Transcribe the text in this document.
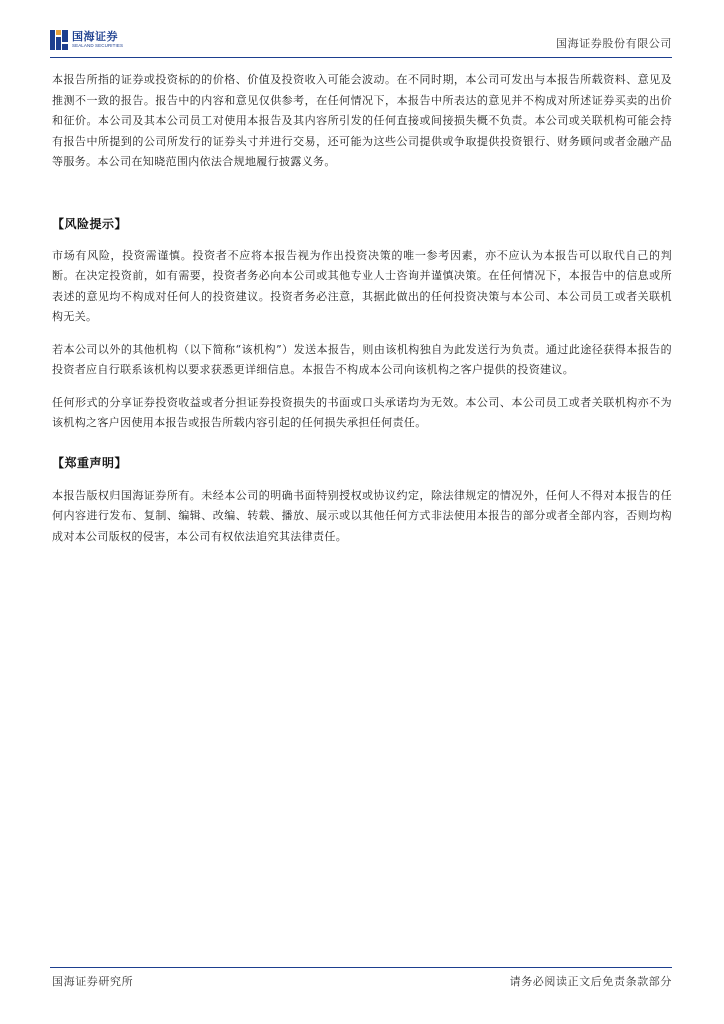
国海证券
SEALAND SECURITIES	国海证券股份有限公司

本报告所指的证券或投资标的的价格、价值及投资收入可能会波动。在不同时期，本公司可发出与本报告所载资料、意见及推测不一致的报告。报告中的内容和意见仅供参考，在任何情况下，本报告中所表达的意见并不构成对所述证券买卖的出价和征价。本公司及其本公司员工对使用本报告及其内容所引发的任何直接或间接损失概不负责。本公司或关联机构可能会持有报告中所提到的公司所发行的证券头寸并进行交易，还可能为这些公司提供或争取提供投资银行、财务顾问或者金融产品等服务。本公司在知晓范围内依法合规地履行披露义务。

【风险提示】

市场有风险，投资需谨慎。投资者不应将本报告视为作出投资决策的唯一参考因素，亦不应认为本报告可以取代自己的判断。在决定投资前，如有需要，投资者务必向本公司或其他专业人士咨询并谨慎决策。在任何情况下，本报告中的信息或所表述的意见均不构成对任何人的投资建议。投资者务必注意，其据此做出的任何投资决策与本公司、本公司员工或者关联机构无关。

若本公司以外的其他机构（以下简称“该机构”）发送本报告，则由该机构独自为此发送行为负责。通过此途径获得本报告的投资者应自行联系该机构以要求获悉更详细信息。本报告不构成本公司向该机构之客户提供的投资建议。

任何形式的分享证券投资收益或者分担证券投资损失的书面或口头承诺均为无效。本公司、本公司员工或者关联机构亦不为该机构之客户因使用本报告或报告所载内容引起的任何损失承担任何责任。

【郑重声明】

本报告版权归国海证券所有。未经本公司的明确书面特别授权或协议约定，除法律规定的情况外，任何人不得对本报告的任何内容进行发布、复制、编辑、改编、转载、播放、展示或以其他任何方式非法使用本报告的部分或者全部内容，否则均构成对本公司版权的侵害，本公司有权依法追究其法律责任。

国海证券研究所	请务必阅读正文后免责条款部分
